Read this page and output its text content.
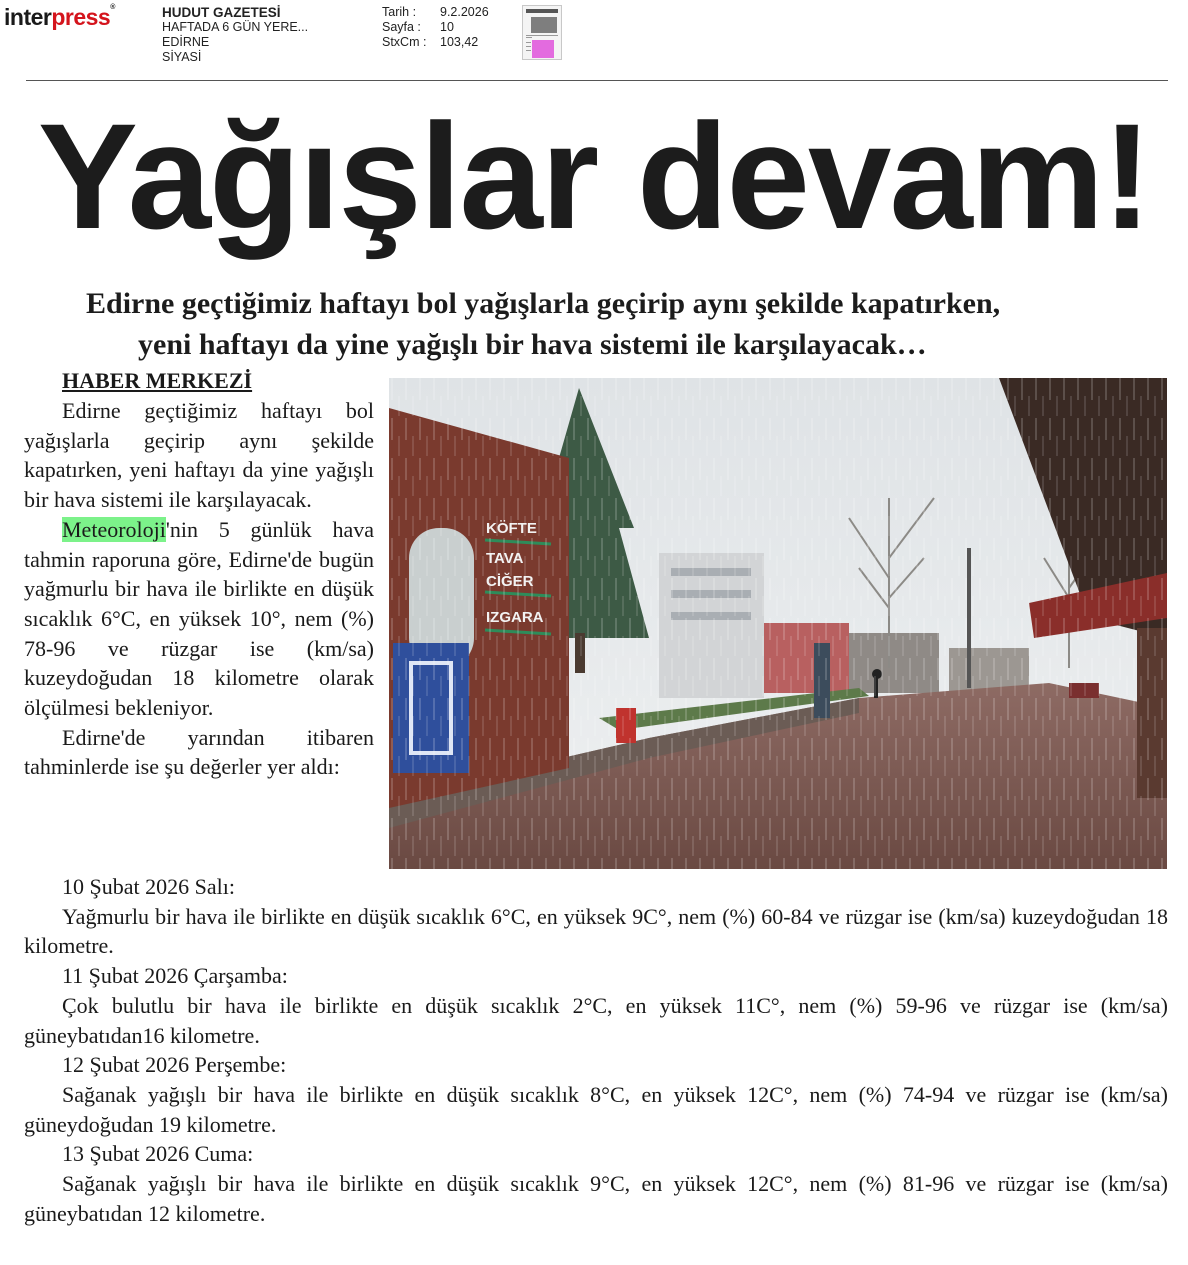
interpress®	HUDUT GAZETESİ
HAFTADA 6 GÜN YERE...
EDİRNE
SİYASİ
Tarih :	9.2.2026
Sayfa :	10
StxCm :	103,42
Yağışlar devam!
Edirne geçtiğimiz haftayı bol yağışlarla geçirip aynı şekilde kapatırken,
yeni haftayı da yine yağışlı bir hava sistemi ile karşılayacak…
HABER MERKEZİ

Edirne geçtiğimiz haftayı bol yağışlarla geçirip aynı şekilde kapatırken, yeni haftayı da yine yağışlı bir hava sistemi ile karşılayacak.

Meteoroloji'nin 5 günlük hava tahmin raporuna göre, Edirne'de bugün yağmurlu bir hava ile birlikte en düşük sıcaklık 6°C, en yüksek 10°, nem (%) 78-96 ve rüzgar ise (km/sa) kuzeydoğudan 18 kilometre olarak ölçülmesi bekleniyor.

Edirne'de yarından itibaren tahminlerde ise şu değerler yer aldı:

10 Şubat 2026 Salı:

Yağmurlu bir hava ile birlikte en düşük sıcaklık 6°C, en yüksek 9C°, nem (%) 60-84 ve rüzgar ise (km/sa) kuzeydoğudan 18 kilometre.

11 Şubat 2026 Çarşamba:

Çok bulutlu bir hava ile birlikte en düşük sıcaklık 2°C, en yüksek 11C°, nem (%) 59-96 ve rüzgar ise (km/sa) güneybatıdan16 kilometre.

12 Şubat 2026 Perşembe:

Sağanak yağışlı bir hava ile birlikte en düşük sıcaklık 8°C, en yüksek 12C°, nem (%) 74-94 ve rüzgar ise (km/sa) güneydoğudan 19 kilometre.

13 Şubat 2026 Cuma:

Sağanak yağışlı bir hava ile birlikte en düşük sıcaklık 9°C, en yüksek 12C°, nem (%) 81-96 ve rüzgar ise (km/sa) güneybatıdan 12 kilometre.
